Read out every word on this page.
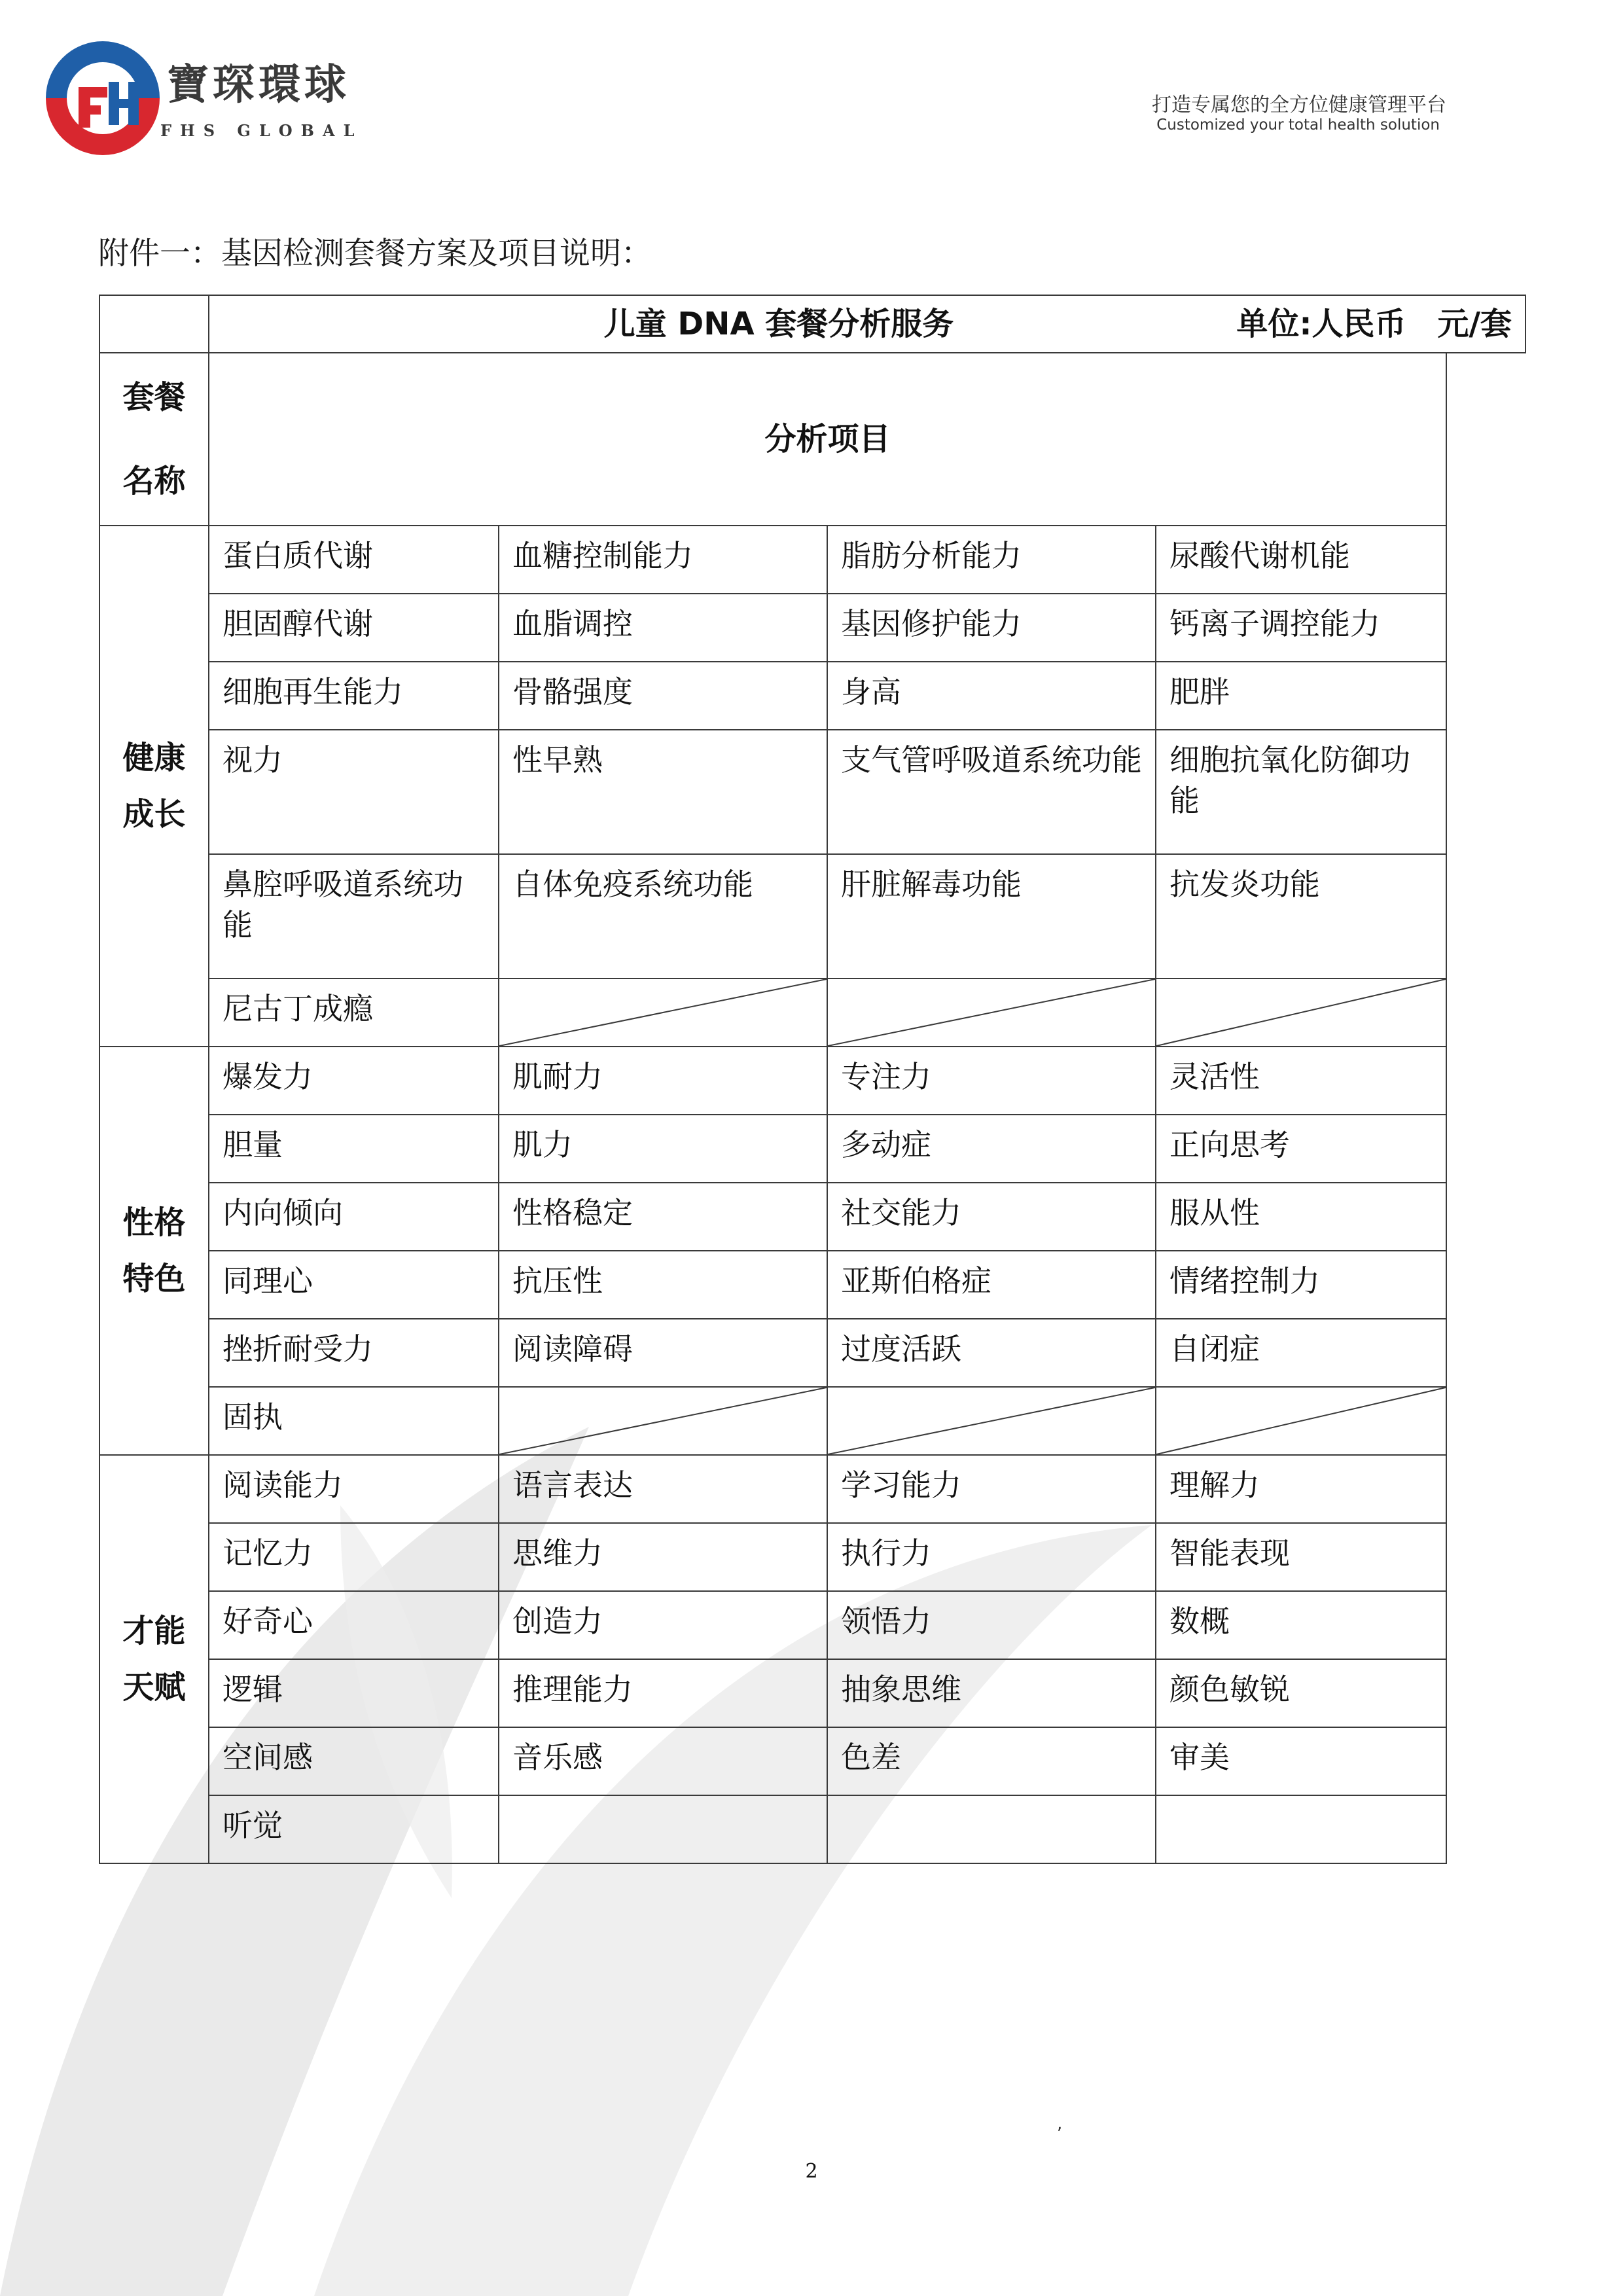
寶琛環球
FHS GLOBAL
打造专属您的全方位健康管理平台
Customized your total health solution
附件一：基因检测套餐方案及项目说明：

	儿童 DNA 套餐分析服务 单位:人民币　元/套				

套餐
名称	分析项目				
健康
成长	蛋白质代谢	血糖控制能力	脂肪分析能力	尿酸代谢机能	
	胆固醇代谢	血脂调控	基因修护能力	钙离子调控能力	
	细胞再生能力	骨骼强度	身高	肥胖	
	视力	性早熟	支气管呼吸道系统功能	细胞抗氧化防御功能	
	鼻腔呼吸道系统功能	自体免疫系统功能	肝脏解毒功能	抗发炎功能	
	尼古丁成瘾	

性格
特色	爆发力	肌耐力	专注力	灵活性	
	胆量	肌力	多动症	正向思考	
	内向倾向	性格稳定	社交能力	服从性	
	同理心	抗压性	亚斯伯格症	情绪控制力	
	挫折耐受力	阅读障碍	过度活跃	自闭症	
	固执	

才能
天赋	阅读能力	语言表达	学习能力	理解力	
	记忆力	思维力	执行力	智能表现	
	好奇心	创造力	领悟力	数概	
	逻辑	推理能力	抽象思维	颜色敏锐	
	空间感	音乐感	色差	审美	
	听觉				
2
,
